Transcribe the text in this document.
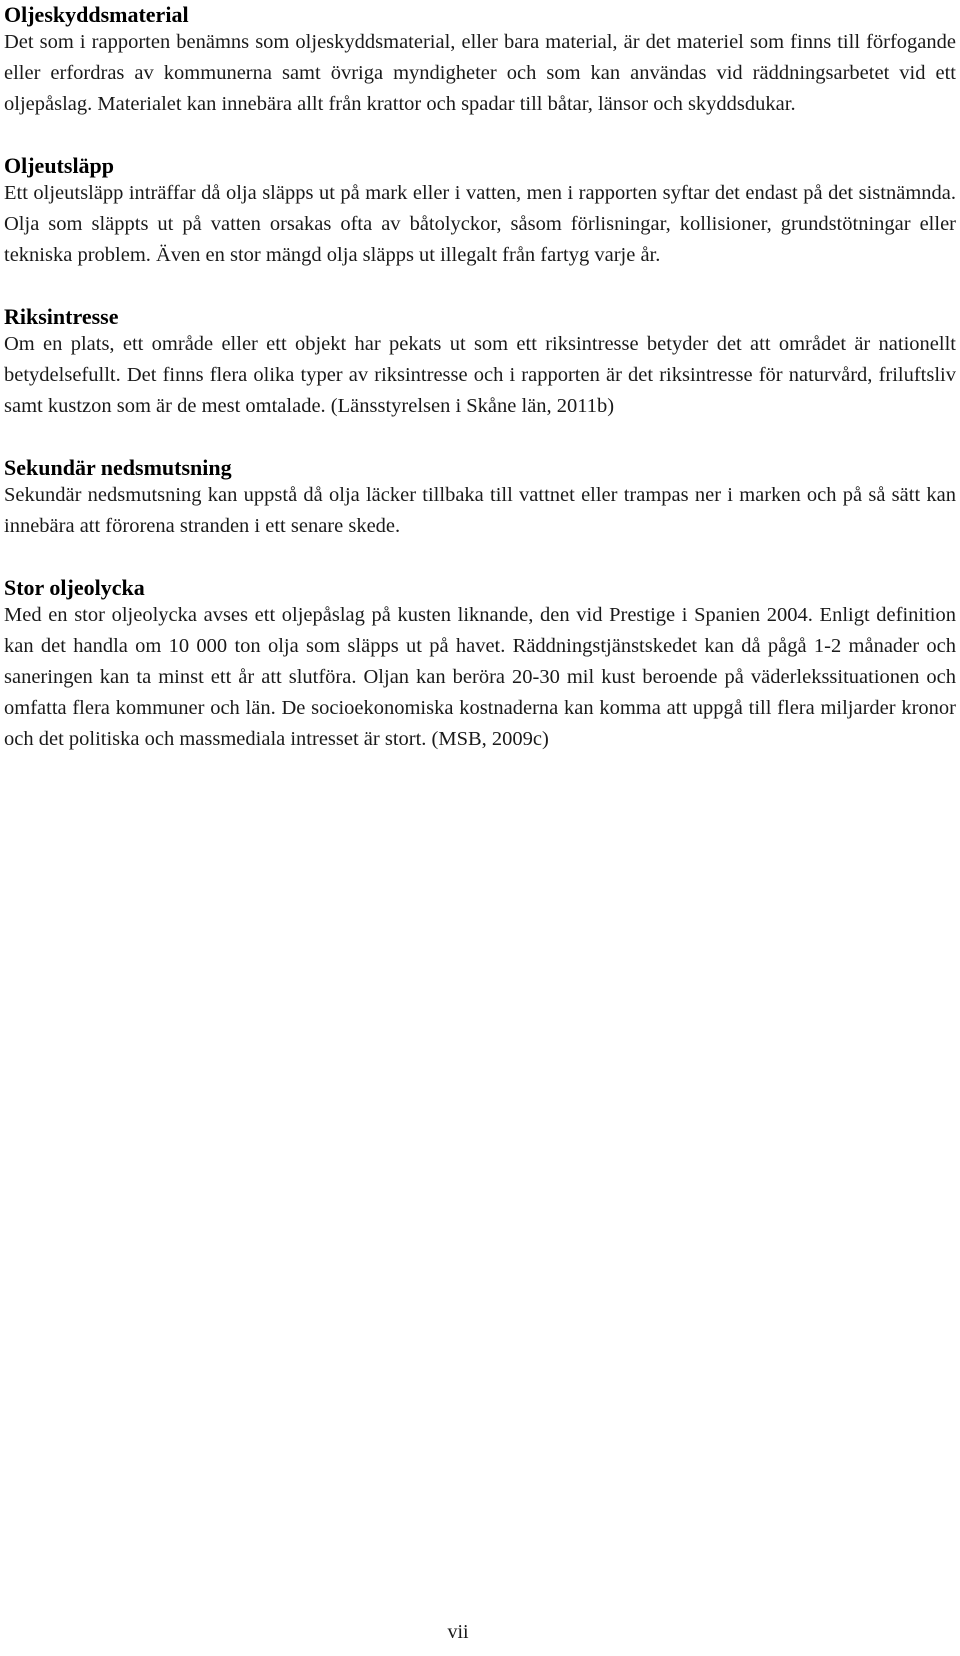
Oljeskyddsmaterial

Det som i rapporten benämns som oljeskyddsmaterial, eller bara material, är det materiel som finns till förfogande eller erfordras av kommunerna samt övriga myndigheter och som kan användas vid räddningsarbetet vid ett oljepåslag. Materialet kan innebära allt från krattor och spadar till båtar, länsor och skyddsdukar.

Oljeutsläpp

Ett oljeutsläpp inträffar då olja släpps ut på mark eller i vatten, men i rapporten syftar det endast på det sistnämnda. Olja som släppts ut på vatten orsakas ofta av båtolyckor, såsom förlisningar, kollisioner, grundstötningar eller tekniska problem. Även en stor mängd olja släpps ut illegalt från fartyg varje år.

Riksintresse

Om en plats, ett område eller ett objekt har pekats ut som ett riksintresse betyder det att området är nationellt betydelsefullt. Det finns flera olika typer av riksintresse och i rapporten är det riksintresse för naturvård, friluftsliv samt kustzon som är de mest omtalade. (Länsstyrelsen i Skåne län, 2011b)

Sekundär nedsmutsning

Sekundär nedsmutsning kan uppstå då olja läcker tillbaka till vattnet eller trampas ner i marken och på så sätt kan innebära att förorena stranden i ett senare skede.

Stor oljeolycka

Med en stor oljeolycka avses ett oljepåslag på kusten liknande, den vid Prestige i Spanien 2004. Enligt definition kan det handla om 10 000 ton olja som släpps ut på havet. Räddningstjänstskedet kan då pågå 1-2 månader och saneringen kan ta minst ett år att slutföra. Oljan kan beröra 20-30 mil kust beroende på väderlekssituationen och omfatta flera kommuner och län. De socioekonomiska kostnaderna kan komma att uppgå till flera miljarder kronor och det politiska och massmediala intresset är stort. (MSB, 2009c)

vii
